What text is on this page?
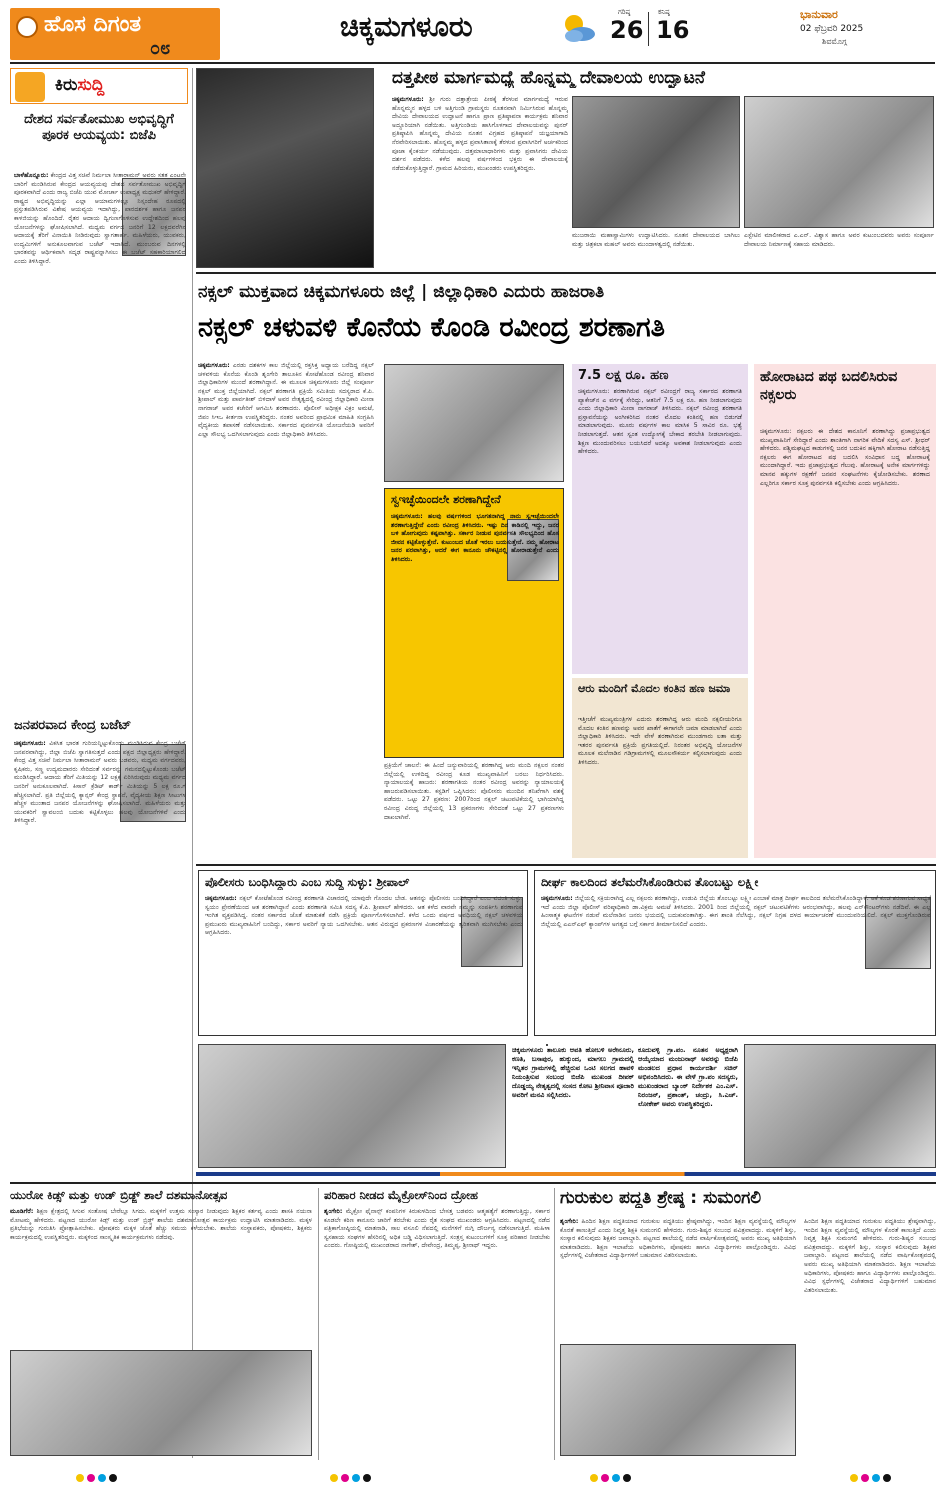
ಹೊಸ ದಿಗಂತ
೦೮
ಚಿಕ್ಕಮಗಳೂರು	ಗರಿಷ್ಠ
26
ಕನಿಷ್ಠ
16
ಭಾನುವಾರ
02 ಫೆಬ್ರವರಿ 2025
ಶಿವಮೊಗ್ಗ
ಕಿರುಸುದ್ದಿ
ದೇಶದ ಸರ್ವತೋಮುಖ ಅಭಿವೃದ್ಧಿಗೆ ಪೂರಕ ಆಯವ್ಯಯ: ಬಿಜೆಪಿ
ಬಾಳೆಹೊನ್ನೂರು: ಕೇಂದ್ರದ ವಿತ್ತ ಸಚಿವೆ ನಿರ್ಮಲಾ ಸೀತಾರಾಮನ್ ಅವರು ಸತತ ಎಂಟನೇ ಬಾರಿಗೆ ಮಂಡಿಸಿರುವ ಕೇಂದ್ರದ ಆಯವ್ಯಯವು ದೇಶದ ಸರ್ವತೋಮುಖ ಅಭಿವೃದ್ಧಿಗೆ ಪೂರಕವಾಗಿದೆ ಎಂದು ರಾಜ್ಯ ಬಿಜೆಪಿ ಯುವ ಮೋರ್ಚಾ ಉಪಾಧ್ಯಕ್ಷ ಮಧುಕರ್ ಹೇಳಿದ್ದಾರೆ. ರಾಷ್ಟ್ರದ ಅಭಿವೃದ್ಧಿಯನ್ನು ಎಲ್ಲಾ ಆಯಾಮಗಳಲ್ಲೂ ನಿಸ್ಸಂದೇಹ ರೂಪದಲ್ಲಿ ಪ್ರಸ್ತುತಪಡಿಸಿರುವ ವಿಶೇಷ ಆಯವ್ಯಯ ಇದಾಗಿದ್ದು, ಪಾರದರ್ಶಕ ಹಾಗೂ ಜನಪರ ಕಾಳಜಿಯನ್ನು ಹೊಂದಿದೆ. ರೈತರ ಆದಾಯ ದ್ವಿಗುಣಗೊಳಿಸುವ ಉದ್ದೇಶದಿಂದ ಹಲವು ಯೋಜನೆಗಳನ್ನು ಘೋಷಿಸಲಾಗಿದೆ. ಮಧ್ಯಮ ವರ್ಗದ ಜನರಿಗೆ 12 ಲಕ್ಷದವರೆಗಿನ ಆದಾಯಕ್ಕೆ ತೆರಿಗೆ ವಿನಾಯಿತಿ ನೀಡಿರುವುದು ಸ್ವಾಗತಾರ್ಹ. ಮಹಿಳೆಯರು, ಯುವಕರು, ಉದ್ಯಮಿಗಳಿಗೆ ಅನುಕೂಲವಾಗುವ ಬಜೆಟ್ ಇದಾಗಿದೆ. ಮುಂಬರುವ ದಿನಗಳಲ್ಲಿ ಭಾರತವನ್ನು ಆರ್ಥಿಕವಾಗಿ ಸದೃಢ ರಾಷ್ಟ್ರವನ್ನಾಗಿಸಲು ಈ ಬಜೆಟ್ ಸಹಕಾರಿಯಾಗಲಿದೆ ಎಂದು ತಿಳಿಸಿದ್ದಾರೆ.
ಜನಪರವಾದ ಕೇಂದ್ರ ಬಜೆಟ್
ಚಿಕ್ಕಮಗಳೂರು: ವಿಕಸಿತ ಭಾರತ ಗುರಿಯನ್ನಿಟ್ಟುಕೊಂಡು ಮಂಡಿಸಿರುವ ಕೇಂದ್ರ ಬಜೆಟ್ ಜನಪರವಾಗಿದ್ದು, ಜಿಲ್ಲಾ ಬಿಜೆಪಿ ಸ್ವಾಗತಿಸುತ್ತದೆ ಎಂದು ಪಕ್ಷದ ಜಿಲ್ಲಾಧ್ಯಕ್ಷರು ಹೇಳಿದ್ದಾರೆ. ಕೇಂದ್ರ ವಿತ್ತ ಸಚಿವೆ ನಿರ್ಮಲಾ ಸೀತಾರಾಮನ್ ಅವರು ಬಡವರು, ಮಧ್ಯಮ ವರ್ಗದವರು, ಕೃಷಿಕರು, ಸಣ್ಣ ಉದ್ಯಮದಾರರು ಸೇರಿದಂತೆ ಸರ್ವರನ್ನು ಗಮನದಲ್ಲಿಟ್ಟುಕೊಂಡು ಬಜೆಟ್ ಮಂಡಿಸಿದ್ದಾರೆ. ಆದಾಯ ತೆರಿಗೆ ಮಿತಿಯನ್ನು 12 ಲಕ್ಷಕ್ಕೆ ಏರಿಸಿರುವುದು ಮಧ್ಯಮ ವರ್ಗದ ಜನರಿಗೆ ಅನುಕೂಲವಾಗಿದೆ. ಕಿಸಾನ್ ಕ್ರೆಡಿಟ್ ಕಾರ್ಡ್ ಮಿತಿಯನ್ನು 5 ಲಕ್ಷ ರೂ.ಗೆ ಹೆಚ್ಚಿಸಲಾಗಿದೆ. ಪ್ರತಿ ಜಿಲ್ಲೆಯಲ್ಲಿ ಕ್ಯಾನ್ಸರ್ ಕೇಂದ್ರ ಸ್ಥಾಪನೆ, ವೈದ್ಯಕೀಯ ಶಿಕ್ಷಣ ಸೀಟುಗಳ ಹೆಚ್ಚಳ ಮುಂತಾದ ಜನಪರ ಯೋಜನೆಗಳನ್ನು ಘೋಷಿಸಲಾಗಿದೆ. ಮಹಿಳೆಯರು ಮತ್ತು ಯುವಕರಿಗೆ ಸ್ವಾವಲಂಬಿ ಬದುಕು ಕಟ್ಟಿಕೊಳ್ಳಲು ಹಲವು ಯೋಜನೆಗಳಿವೆ ಎಂದು ತಿಳಿಸಿದ್ದಾರೆ.
ದತ್ತಪೀಠ ಮಾರ್ಗಮಧ್ಯೆ ಹೊನ್ನಮ್ಮ ದೇವಾಲಯ ಉದ್ಘಾಟನೆ
ಚಿಕ್ಕಮಗಳೂರು: ಶ್ರೀ ಗುರು ದತ್ತಾತ್ರೇಯ ಪೀಠಕ್ಕೆ ತೆರಳುವ ಮಾರ್ಗಮಧ್ಯೆ ಇರುವ ಹೊನ್ನಮ್ಮನ ಹಳ್ಳದ ಬಳಿ ಅತ್ತಿಗುಂಡಿ ಗ್ರಾಮಸ್ಥರು ನೂತನವಾಗಿ ನಿರ್ಮಿಸಿರುವ ಹೊನ್ನಮ್ಮ ದೇವಿಯ ದೇವಾಲಯದ ಉದ್ಘಾಟನೆ ಹಾಗೂ ಪ್ರಾಣ ಪ್ರತಿಷ್ಠಾಪನಾ ಕಾರ್ಯಕ್ರಮ ಶನಿವಾರ ಅದ್ದೂರಿಯಾಗಿ ನಡೆಯಿತು. ಅತ್ತಿಗುಂಡಿಯ ಹಾಸಿಗೊಳಗಾದ ದೇವಾಲಯವನ್ನು ಪುನರ್ ಪ್ರತಿಷ್ಠಾಪಿಸಿ ಹೊನ್ನಮ್ಮ ದೇವಿಯ ನೂತನ ವಿಗ್ರಹದ ಪ್ರತಿಷ್ಠಾಪನೆ ಯಜ್ಞಯಾಗಾದಿ ನೆರವೇರಿಸಲಾಯಿತು. ಹೊನ್ನಮ್ಮ ಹಳ್ಳದ ಪ್ರವಾಸಿತಾಣಕ್ಕೆ ತೆರಳುವ ಪ್ರವಾಸಿಗರಿಗೆ ಅರ್ಚಕರಿಂದ ಪೂಜಾ ಕೈಂಕರ್ಯ ನಡೆಯುವುದು. ದತ್ತಮಾಲಾಧಾರಿಗಳು ಮತ್ತು ಪ್ರವಾಸಿಗರು ದೇವಿಯ ದರ್ಶನ ಪಡೆದರು. ಕಳೆದ ಹಲವು ವರ್ಷಗಳಿಂದ ಭಕ್ತರು ಈ ದೇವಾಲಯಕ್ಕೆ ನಡೆದುಕೊಳ್ಳುತ್ತಿದ್ದಾರೆ. ಗ್ರಾಮದ ಹಿರಿಯರು, ಮುಖಂಡರು ಉಪಸ್ಥಿತರಿದ್ದರು.
ಮುಜರಾಯಿ ಮಹಾಸ್ವಾಮಿಗಳು ಉದ್ಘಾಟಿಸಿದರು. ನೂತನ ದೇವಾಲಯದ ಬಾಗಿಲು ಮತ್ತು ಚಿತ್ರಕಲಾ ಮಹಲ್ ಅವರು ಮುಂದಾಳತ್ವದಲ್ಲಿ ನಡೆಯಿತು.
ಎಸ್ಟೇಟಿನ ಮಾಲೀಕರಾದ ಎ.ಎನ್. ವಿಶ್ವಾಸ ಹಾಗೂ ಅವರ ಕುಟುಂಬದವರು ಅವರು ಸಂಪೂರ್ಣ ದೇವಾಲಯ ನಿರ್ಮಾಣಕ್ಕೆ ಸಹಾಯ ಮಾಡಿದರು.
ನಕ್ಸಲ್ ಮುಕ್ತವಾದ ಚಿಕ್ಕಮಗಳೂರು ಜಿಲ್ಲೆ | ಜಿಲ್ಲಾಧಿಕಾರಿ ಎದುರು ಹಾಜರಾತಿ
ನಕ್ಸಲ್ ಚಳುವಳಿ ಕೊನೆಯ ಕೊಂಡಿ ರವೀಂದ್ರ ಶರಣಾಗತಿ
ಚಿಕ್ಕಮಗಳೂರು: ಎರಡು ದಶಕಗಳ ಕಾಲ ಜಿಲ್ಲೆಯಲ್ಲಿ ರಕ್ತಸಿಕ್ತ ಅಧ್ಯಾಯ ಬರೆದಿದ್ದ ನಕ್ಸಲ್ ಚಳವಳಿಯ ಕೊನೆಯ ಕೊಂಡಿ ಶೃಂಗೇರಿ ತಾಲೂಕಿನ ಕೋಟೆಹೊಂಡ ರವೀಂದ್ರ ಶನಿವಾರ ಜಿಲ್ಲಾಧಿಕಾರಿಗಳ ಮುಂದೆ ಶರಣಾಗಿದ್ದಾನೆ. ಈ ಮೂಲಕ ಚಿಕ್ಕಮಗಳೂರು ಜಿಲ್ಲೆ ಸಂಪೂರ್ಣ ನಕ್ಸಲ್ ಮುಕ್ತ ಜಿಲ್ಲೆಯಾಗಿದೆ. ನಕ್ಸಲ್ ಶರಣಾಗತಿ ಪ್ರಕ್ರಿಯೆ ಸಮಿತಿಯ ಸದಸ್ಯರಾದ ಕೆ.ಪಿ. ಶ್ರೀಪಾಲ್ ಮತ್ತು ಪಾರ್ವತೀಶ್ ಬಿಳಿದಾಳೆ ಅವರ ನೇತೃತ್ವದಲ್ಲಿ ರವೀಂದ್ರ ಜಿಲ್ಲಾಧಿಕಾರಿ ಮೀನಾ ನಾಗರಾಜ್ ಅವರ ಕಚೇರಿಗೆ ಆಗಮಿಸಿ ಶರಣಾದರು. ಪೊಲೀಸ್ ಅಧೀಕ್ಷಕ ವಿಕ್ರಂ ಅಮಟೆ, ಜಿಪಂ ಸಿಇಒ ಕೀರ್ತನಾ ಉಪಸ್ಥಿತರಿದ್ದರು. ನಂತರ ಅವರಿಂದ ಪ್ರಾಥಮಿಕ ಮಾಹಿತಿ ಸಂಗ್ರಹಿಸಿ ವೈದ್ಯಕೀಯ ತಪಾಸಣೆ ನಡೆಸಲಾಯಿತು. ಸರ್ಕಾರದ ಪುನರ್ವಸತಿ ಯೋಜನೆಯಡಿ ಅವರಿಗೆ ಎಲ್ಲಾ ಸೌಲಭ್ಯ ಒದಗಿಸಲಾಗುವುದು ಎಂದು ಜಿಲ್ಲಾಧಿಕಾರಿ ತಿಳಿಸಿದರು.
ಸ್ವಇಚ್ಛೆಯಿಂದಲೇ ಶರಣಾಗಿದ್ದೇನೆ
ಚಿಕ್ಕಮಗಳೂರು: ಹಲವು ವರ್ಷಗಳಿಂದ ಭೂಗತನಾಗಿದ್ದ ನಾನು ಸ್ವಇಚ್ಛೆಯಿಂದಲೇ ಶರಣಾಗುತ್ತಿದ್ದೇನೆ ಎಂದು ರವೀಂದ್ರ ತಿಳಿಸಿದರು. ಇಷ್ಟು ದಿನ ಕಾಡಿನಲ್ಲಿ ಇದ್ದು, ಜನರ ಬಳಿ ಹೋಗುವುದು ಕಷ್ಟವಾಗಿತ್ತು. ಸರ್ಕಾರ ನೀಡುವ ಪುನರ್ವಸತಿ ಸೌಲಭ್ಯದಿಂದ ಹೊಸ ಜೀವನ ಕಟ್ಟಿಕೊಳ್ಳುತ್ತೇನೆ. ಕುಟುಂಬದ ಜೊತೆ ಇರಲು ಬಯಸುತ್ತೇನೆ. ನಮ್ಮ ಹೋರಾಟ ಜನರ ಪರವಾಗಿತ್ತು, ಆದರೆ ಈಗ ಕಾನೂನು ಚೌಕಟ್ಟಿನಲ್ಲಿ ಹೋರಾಡುತ್ತೇನೆ ಎಂದು ತಿಳಿಸಿದರು.
ಪ್ರಕ್ರಿಯೆಗೆ ಚಾಲನೆ: ಈ ಹಿಂದೆ ಜನ್ಯುವಾರಿಯಲ್ಲಿ ಶರಣಾಗಿದ್ದ ಆರು ಮಂದಿ ನಕ್ಸಲರ ನಂತರ ಜಿಲ್ಲೆಯಲ್ಲಿ ಉಳಿದಿದ್ದ ರವೀಂದ್ರ ಕೂಡ ಮುಖ್ಯವಾಹಿನಿಗೆ ಬರಲು ನಿರ್ಧರಿಸಿದರು. ನ್ಯಾಯಾಲಯಕ್ಕೆ ಹಾಜರು: ಶರಣಾಗತಿಯ ನಂತರ ರವೀಂದ್ರ ಅವರನ್ನು ನ್ಯಾಯಾಲಯಕ್ಕೆ ಹಾಜರುಪಡಿಸಲಾಯಿತು. ಕಸ್ಟಡಿಗೆ ಒಪ್ಪಿಸಿದರು: ಪೊಲೀಸರು ಮುಂದಿನ ತನಿಖೆಗಾಗಿ ವಶಕ್ಕೆ ಪಡೆದರು. ಒಟ್ಟು 27 ಪ್ರಕರಣ: 2007ರಿಂದ ನಕ್ಸಲ್ ಚಟುವಟಿಕೆಯಲ್ಲಿ ಭಾಗಿಯಾಗಿದ್ದ ರವೀಂದ್ರ ವಿರುದ್ಧ ಜಿಲ್ಲೆಯಲ್ಲಿ 13 ಪ್ರಕರಣಗಳು ಸೇರಿದಂತೆ ಒಟ್ಟು 27 ಪ್ರಕರಣಗಳು ದಾಖಲಾಗಿವೆ.
7.5 ಲಕ್ಷ ರೂ. ಹಣ
ಚಿಕ್ಕಮಗಳೂರು: ಶರಣಾಗಿರುವ ನಕ್ಸಲ್ ರವೀಂದ್ರಗೆ ರಾಜ್ಯ ಸರ್ಕಾರದ ಶರಣಾಗತಿ ಪ್ಯಾಕೇಜ್‌ನ ಎ ವರ್ಗಕ್ಕೆ ಸೇರಿದ್ದು, ಆತನಿಗೆ 7.5 ಲಕ್ಷ ರೂ. ಹಣ ನೀಡಲಾಗುವುದು ಎಂದು ಜಿಲ್ಲಾಧಿಕಾರಿ ಮೀನಾ ನಾಗರಾಜ್ ತಿಳಿಸಿದರು. ನಕ್ಸಲ್ ರವೀಂದ್ರ ಶರಣಾಗತಿ ಪ್ರಸ್ತಾವನೆಯನ್ನು ಅಂಗೀಕರಿಸಿದ ನಂತರ ಮೊದಲ ಕಂತಿನಲ್ಲಿ ಹಣ ಬಿಡುಗಡೆ ಮಾಡಲಾಗುವುದು. ಮೂರು ವರ್ಷಗಳ ಕಾಲ ಮಾಸಿಕ 5 ಸಾವಿರ ರೂ. ಭತ್ಯೆ ನೀಡಲಾಗುತ್ತದೆ. ಆತನ ಸ್ವಂತ ಉದ್ಯೋಗಕ್ಕೆ ಬೇಕಾದ ತರಬೇತಿ ನೀಡಲಾಗುವುದು. ಶಿಕ್ಷಣ ಮುಂದುವರಿಸಲು ಬಯಸಿದರೆ ಅದಕ್ಕೂ ಅವಕಾಶ ನೀಡಲಾಗುವುದು ಎಂದು ಹೇಳಿದರು.
ಆರು ಮಂದಿಗೆ ಮೊದಲ ಕಂತಿನ ಹಣ ಜಮಾ
ಇತ್ತೀಚೆಗೆ ಮುಖ್ಯಮಂತ್ರಿಗಳ ಎದುರು ಶರಣಾಗಿದ್ದ ಆರು ಮಂದಿ ನಕ್ಸಲೀಯರಿಗೂ ಮೊದಲ ಕಂತಿನ ಹಣವನ್ನು ಅವರ ಖಾತೆಗೆ ಈಗಾಗಲೇ ಜಮಾ ಮಾಡಲಾಗಿದೆ ಎಂದು ಜಿಲ್ಲಾಧಿಕಾರಿ ತಿಳಿಸಿದರು. ಇದೇ ವೇಳೆ ಶರಣಾಗಿರುವ ಮುಂಡಗಾರು ಲತಾ ಮತ್ತು ಇತರರ ಪುನರ್ವಸತಿ ಪ್ರಕ್ರಿಯೆ ಪ್ರಗತಿಯಲ್ಲಿದೆ. ನಿರಂತರ ಅಭಿವೃದ್ಧಿ ಯೋಜನೆಗಳ ಮೂಲಕ ಮಲೆನಾಡಿನ ಗಡಿಗ್ರಾಮಗಳಲ್ಲಿ ಮೂಲಸೌಕರ್ಯ ಕಲ್ಪಿಸಲಾಗುವುದು ಎಂದು ತಿಳಿಸಿದರು.
ಹೋರಾಟದ ಪಥ ಬದಲಿಸಿರುವ ನಕ್ಸಲರು
ಚಿಕ್ಕಮಗಳೂರು: ನಕ್ಸಲರು ಈ ದೇಶದ ಕಾನೂನಿಗೆ ಶರಣಾಗಿದ್ದು ಪ್ರಜಾಪ್ರಭುತ್ವದ ಮುಖ್ಯವಾಹಿನಿಗೆ ಸೇರಿದ್ದಾರೆ ಎಂದು ಶಾಂತಿಗಾಗಿ ನಾಗರಿಕ ವೇದಿಕೆ ಸದಸ್ಯ ಎಸ್. ಶ್ರೀಧರ್ ಹೇಳಿದರು. ಪಶ್ಚಿಮಘಟ್ಟದ ಕಾಡುಗಳಲ್ಲಿ ಜನರ ಬದುಕಿನ ಹಕ್ಕಿಗಾಗಿ ಹೋರಾಟ ನಡೆಸುತ್ತಿದ್ದ ನಕ್ಸಲರು ಈಗ ಹೋರಾಟದ ಪಥ ಬದಲಿಸಿ ಸಂವಿಧಾನ ಬದ್ಧ ಹೋರಾಟಕ್ಕೆ ಮುಂದಾಗಿದ್ದಾರೆ. ಇದು ಪ್ರಜಾಪ್ರಭುತ್ವದ ಗೆಲುವು. ಹೋರಾಟಕ್ಕೆ ಅನೇಕ ಮಾರ್ಗಗಳಿದ್ದು ಮಾನವ ಹಕ್ಕುಗಳ ರಕ್ಷಣೆಗೆ ಜನಪರ ಸಂಘಟನೆಗಳು ಕೈಜೋಡಿಸಬೇಕು. ಶರಣಾದ ಎಲ್ಲರಿಗೂ ಸರ್ಕಾರ ಸೂಕ್ತ ಪುನರ್ವಸತಿ ಕಲ್ಪಿಸಬೇಕು ಎಂದು ಆಗ್ರಹಿಸಿದರು.
ಪೊಲೀಸರು ಬಂಧಿಸಿದ್ದಾರು ಎಂಬ ಸುದ್ದಿ ಸುಳ್ಳು: ಶ್ರೀಪಾಲ್
ಚಿಕ್ಕಮಗಳೂರು: ನಕ್ಸಲ್ ಕೋಟೆಹೊಂಡ ರವೀಂದ್ರ ಶರಣಾಗತಿ ವಿಚಾರದಲ್ಲಿ ಯಾವುದೇ ಗೊಂದಲ ಬೇಡ. ಆತನನ್ನು ಪೊಲೀಸರು ಬಂಧಿಸಿದ್ದಾರೆ ಎಂಬ ವದಂತಿ ಸುಳ್ಳು. ಸ್ವಯಂ ಪ್ರೇರಣೆಯಿಂದ ಆತ ಶರಣಾಗಿದ್ದಾನೆ ಎಂದು ಶರಣಾಗತಿ ಸಮಿತಿ ಸದಸ್ಯ ಕೆ.ಪಿ. ಶ್ರೀಪಾಲ್ ಹೇಳಿದರು. ಆತ ಕಳೆದ ವಾರವೇ ನಮ್ಮನ್ನು ಸಂಪರ್ಕಿಸಿ ಶರಣಾಗುವ ಇಂಗಿತ ವ್ಯಕ್ತಪಡಿಸಿದ್ದ. ನಂತರ ಸರ್ಕಾರದ ಜೊತೆ ಮಾತುಕತೆ ನಡೆಸಿ ಪ್ರಕ್ರಿಯೆ ಪೂರ್ಣಗೊಳಿಸಲಾಗಿದೆ. ಕಳೆದ ಒಂದು ವರ್ಷದ ಅವಧಿಯಲ್ಲಿ ನಕ್ಸಲ್ ಚಳವಳಿಯ ಪ್ರಮುಖರು ಮುಖ್ಯವಾಹಿನಿಗೆ ಬಂದಿದ್ದು, ಸರ್ಕಾರ ಅವರಿಗೆ ನ್ಯಾಯ ಒದಗಿಸಬೇಕು. ಆತನ ವಿರುದ್ಧದ ಪ್ರಕರಣಗಳ ವಿಚಾರಣೆಯನ್ನು ತ್ವರಿತವಾಗಿ ಮುಗಿಸಬೇಕು ಎಂದು ಆಗ್ರಹಿಸಿದರು.
ದೀರ್ಘ ಕಾಲದಿಂದ ತಲೆಮರೆಸಿಕೊಂಡಿರುವ ತೊಂಬಟ್ಟು ಲಕ್ಷ್ಮೀ
ಚಿಕ್ಕಮಗಳೂರು: ಜಿಲ್ಲೆಯಲ್ಲಿ ಸಕ್ರಿಯರಾಗಿದ್ದ ಎಲ್ಲ ನಕ್ಸಲರು ಶರಣಾಗಿದ್ದು, ಉಡುಪಿ ಜಿಲ್ಲೆಯ ತೊಂಬಟ್ಟು ಲಕ್ಷ್ಮೀ ಎಂಬಾಕೆ ಮಾತ್ರ ದೀರ್ಘ ಕಾಲದಿಂದ ತಲೆಮರೆಸಿಕೊಂಡಿದ್ದಾಳೆ. ಆಕೆ ಕೂಡ ಶರಣಾಗುವ ಸಾಧ್ಯತೆ ಇದೆ ಎಂದು ಜಿಲ್ಲಾ ಪೊಲೀಸ್ ವರಿಷ್ಠಾಧಿಕಾರಿ ಡಾ.ವಿಕ್ರಮ ಅಮಟೆ ತಿಳಿಸಿದರು. 2001 ರಿಂದ ಜಿಲ್ಲೆಯಲ್ಲಿ ನಕ್ಸಲ್ ಚಟುವಟಿಕೆಗಳು ಆರಂಭವಾಗಿದ್ದು, ಹಲವು ಎನ್‌ಕೌಂಟರ್‌ಗಳು ನಡೆದಿವೆ. ಈ ಎಲ್ಲ ಹಿಂಸಾತ್ಮಕ ಘಟನೆಗಳ ನಡುವೆ ಮಲೆನಾಡಿನ ಜನರು ಭಯದಲ್ಲಿ ಬದುಕುವಂತಾಗಿತ್ತು. ಈಗ ಶಾಂತಿ ನೆಲೆಸಿದ್ದು, ನಕ್ಸಲ್ ನಿಗ್ರಹ ದಳದ ಕಾರ್ಯಾಚರಣೆ ಮುಂದುವರಿಯಲಿದೆ. ನಕ್ಸಲ್ ಮುಕ್ತಗೊಂಡಿರುವ ಜಿಲ್ಲೆಯಲ್ಲಿ ಎಎನ್‌ಎಫ್ ಕ್ಯಾಂಪ್‌ಗಳ ಅಗತ್ಯದ ಬಗ್ಗೆ ಸರ್ಕಾರ ತೀರ್ಮಾನಿಸಲಿದೆ ಎಂದರು.
ಚಿಕ್ಕಮಗಳೂರು ತಾಲೂಕು ಆವತಿ ಹೋಬಳಿ ಅರೇನೂರು, ಕಣತಿ, ಬಸಾಪುರ, ಹುಕ್ಕುಂದ, ಮಾಗಲು ಗ್ರಾಮದಲ್ಲಿ ಇನ್ನಿತರ ಗ್ರಾಮಗಳಲ್ಲಿ ಹೆಚ್ಚಿರುವ ಒಂಟಿ ಸಲಗದ ಹಾವಳಿ ನಿಯಂತ್ರಿಸುವ ಸಂಬಂಧ ಬಿಜೆಪಿ ಮುಖಂಡ ದೀಪಕ್ ದೊಡ್ಡಯ್ಯ ನೇತೃತ್ವದಲ್ಲಿ ಸಂಸದ ಕೋಟ ಶ್ರೀನಿವಾಸ ಪೂಜಾರಿ ಅವರಿಗೆ ಮನವಿ ಸಲ್ಲಿಸಿದರು.
ಕೂದುವಳ್ಳಿ ಗ್ರಾ.ಪಂ. ನೂತನ ಅಧ್ಯಕ್ಷರಾಗಿ ಆಯ್ಕೆಯಾದ ಮಂಜುನಾಥ್ ಅವರನ್ನು ಬಿಜೆಪಿ ಮಂಡಲದ ಪ್ರಧಾನ ಕಾರ್ಯದರ್ಶಿ ಸಚಿನ್ ಅಭಿನಂದಿಸಿದರು. ಈ ವೇಳೆ ಗ್ರಾ.ಪಂ ಸದಸ್ಯರು, ಮುಖಂಡರಾದ ಬ್ಯಾಂಕ್ ನಿರ್ದೇಶಕ ಎಂ.ಎಸ್. ನಿರಂಜನ್, ಪ್ರಶಾಂತ್, ಚಂದ್ರು, ಸಿ.ಎಚ್. ಲೋಕೇಶ್ ಅವರು ಉಪಸ್ಥಿತರಿದ್ದರು.
ಯುರೋ ಕಿಡ್ಸ್ ಮತ್ತು ಉಡ್ ಬ್ರಿಡ್ಜ್ ಶಾಲೆ ದಶಮಾನೋತ್ಸವ
ಮೂಡಿಗೆರೆ: ಶಿಕ್ಷಣ ಕ್ಷೇತ್ರದಲ್ಲಿ ಸಿಗುವ ಸಂತೋಷ ಬೇರೆಲ್ಲೂ ಸಿಗದು. ಮಕ್ಕಳಿಗೆ ಉತ್ತಮ ಸಂಸ್ಕಾರ ನೀಡುವುದು ಶಿಕ್ಷಕರ ಕರ್ತವ್ಯ ಎಂದು ಶಾಸಕಿ ನಯನಾ ಮೋಟಮ್ಮ ಹೇಳಿದರು. ಪಟ್ಟಣದ ಯುರೋ ಕಿಡ್ಸ್ ಮತ್ತು ಉಡ್ ಬ್ರಿಡ್ಜ್ ಶಾಲೆಯ ದಶಮಾನೋತ್ಸವ ಕಾರ್ಯಕ್ರಮ ಉದ್ಘಾಟಿಸಿ ಮಾತನಾಡಿದರು. ಮಕ್ಕಳ ಪ್ರತಿಭೆಯನ್ನು ಗುರುತಿಸಿ ಪ್ರೋತ್ಸಾಹಿಸಬೇಕು. ಪೋಷಕರು ಮಕ್ಕಳ ಜೊತೆ ಹೆಚ್ಚು ಸಮಯ ಕಳೆಯಬೇಕು. ಶಾಲೆಯ ಸಂಸ್ಥಾಪಕರು, ಪೋಷಕರು, ಶಿಕ್ಷಕರು ಕಾರ್ಯಕ್ರಮದಲ್ಲಿ ಉಪಸ್ಥಿತರಿದ್ದರು. ಮಕ್ಕಳಿಂದ ಸಾಂಸ್ಕೃತಿಕ ಕಾರ್ಯಕ್ರಮಗಳು ನಡೆದವು.
ಪರಿಹಾರ ನೀಡದ ಮೈಕ್ರೋಸ್‌ನಿಂದ ದ್ರೋಹ
ಶೃಂಗೇರಿ: ಮೈಕ್ರೋ ಫೈನಾನ್ಸ್ ಕಂಪನಿಗಳ ಕಿರುಕುಳದಿಂದ ಬೇಸತ್ತ ಬಡವರು ಆತ್ಮಹತ್ಯೆಗೆ ಶರಣಾಗುತ್ತಿದ್ದು, ಸರ್ಕಾರ ಕೂಡಲೇ ಕಠಿಣ ಕಾನೂನು ಜಾರಿಗೆ ತರಬೇಕು ಎಂದು ರೈತ ಸಂಘದ ಮುಖಂಡರು ಆಗ್ರಹಿಸಿದರು. ಪಟ್ಟಣದಲ್ಲಿ ನಡೆದ ಪತ್ರಿಕಾಗೋಷ್ಠಿಯಲ್ಲಿ ಮಾತನಾಡಿ, ಸಾಲ ವಸೂಲಿ ನೆಪದಲ್ಲಿ ಮನೆಗಳಿಗೆ ನುಗ್ಗಿ ದೌರ್ಜನ್ಯ ನಡೆಸಲಾಗುತ್ತಿದೆ. ಮಹಿಳಾ ಸ್ವಸಹಾಯ ಸಂಘಗಳ ಹೆಸರಿನಲ್ಲಿ ಅಧಿಕ ಬಡ್ಡಿ ವಿಧಿಸಲಾಗುತ್ತಿದೆ. ಸಂತ್ರಸ್ತ ಕುಟುಂಬಗಳಿಗೆ ಸೂಕ್ತ ಪರಿಹಾರ ನೀಡಬೇಕು ಎಂದರು. ಗೋಷ್ಠಿಯಲ್ಲಿ ಮುಖಂಡರಾದ ನಾಗೇಶ್, ದೇವೇಂದ್ರ, ತಿಮ್ಮಪ್ಪ, ಶ್ರೀನಾಥ್ ಇದ್ದರು.
ಗುರುಕುಲ ಪದ್ಧತಿ ಶ್ರೇಷ್ಠ : ಸುಮಂಗಲಿ
ಶೃಂಗೇರಿ: ಹಿಂದಿನ ಶಿಕ್ಷಣ ಪದ್ಧತಿಯಾದ ಗುರುಕುಲ ಪದ್ಧತಿಯು ಶ್ರೇಷ್ಠವಾಗಿದ್ದು, ಇಂದಿನ ಶಿಕ್ಷಣ ವ್ಯವಸ್ಥೆಯಲ್ಲಿ ಮೌಲ್ಯಗಳ ಕೊರತೆ ಕಾಣುತ್ತಿದೆ ಎಂದು ನಿವೃತ್ತ ಶಿಕ್ಷಕಿ ಸುಮಂಗಲಿ ಹೇಳಿದರು. ಗುರು-ಶಿಷ್ಯರ ಸಂಬಂಧ ಪವಿತ್ರವಾದದ್ದು. ಮಕ್ಕಳಿಗೆ ಶಿಸ್ತು, ಸಂಸ್ಕಾರ ಕಲಿಸುವುದು ಶಿಕ್ಷಕರ ಜವಾಬ್ದಾರಿ. ಪಟ್ಟಣದ ಶಾಲೆಯಲ್ಲಿ ನಡೆದ ವಾರ್ಷಿಕೋತ್ಸವದಲ್ಲಿ ಅವರು ಮುಖ್ಯ ಅತಿಥಿಯಾಗಿ ಮಾತನಾಡಿದರು. ಶಿಕ್ಷಣ ಇಲಾಖೆಯ ಅಧಿಕಾರಿಗಳು, ಪೋಷಕರು ಹಾಗೂ ವಿದ್ಯಾರ್ಥಿಗಳು ಪಾಲ್ಗೊಂಡಿದ್ದರು. ವಿವಿಧ ಸ್ಪರ್ಧೆಗಳಲ್ಲಿ ವಿಜೇತರಾದ ವಿದ್ಯಾರ್ಥಿಗಳಿಗೆ ಬಹುಮಾನ ವಿತರಿಸಲಾಯಿತು.
ಹಿಂದಿನ ಶಿಕ್ಷಣ ಪದ್ಧತಿಯಾದ ಗುರುಕುಲ ಪದ್ಧತಿಯು ಶ್ರೇಷ್ಠವಾಗಿದ್ದು, ಇಂದಿನ ಶಿಕ್ಷಣ ವ್ಯವಸ್ಥೆಯಲ್ಲಿ ಮೌಲ್ಯಗಳ ಕೊರತೆ ಕಾಣುತ್ತಿದೆ ಎಂದು ನಿವೃತ್ತ ಶಿಕ್ಷಕಿ ಸುಮಂಗಲಿ ಹೇಳಿದರು. ಗುರು-ಶಿಷ್ಯರ ಸಂಬಂಧ ಪವಿತ್ರವಾದದ್ದು. ಮಕ್ಕಳಿಗೆ ಶಿಸ್ತು, ಸಂಸ್ಕಾರ ಕಲಿಸುವುದು ಶಿಕ್ಷಕರ ಜವಾಬ್ದಾರಿ. ಪಟ್ಟಣದ ಶಾಲೆಯಲ್ಲಿ ನಡೆದ ವಾರ್ಷಿಕೋತ್ಸವದಲ್ಲಿ ಅವರು ಮುಖ್ಯ ಅತಿಥಿಯಾಗಿ ಮಾತನಾಡಿದರು. ಶಿಕ್ಷಣ ಇಲಾಖೆಯ ಅಧಿಕಾರಿಗಳು, ಪೋಷಕರು ಹಾಗೂ ವಿದ್ಯಾರ್ಥಿಗಳು ಪಾಲ್ಗೊಂಡಿದ್ದರು. ವಿವಿಧ ಸ್ಪರ್ಧೆಗಳಲ್ಲಿ ವಿಜೇತರಾದ ವಿದ್ಯಾರ್ಥಿಗಳಿಗೆ ಬಹುಮಾನ ವಿತರಿಸಲಾಯಿತು.
